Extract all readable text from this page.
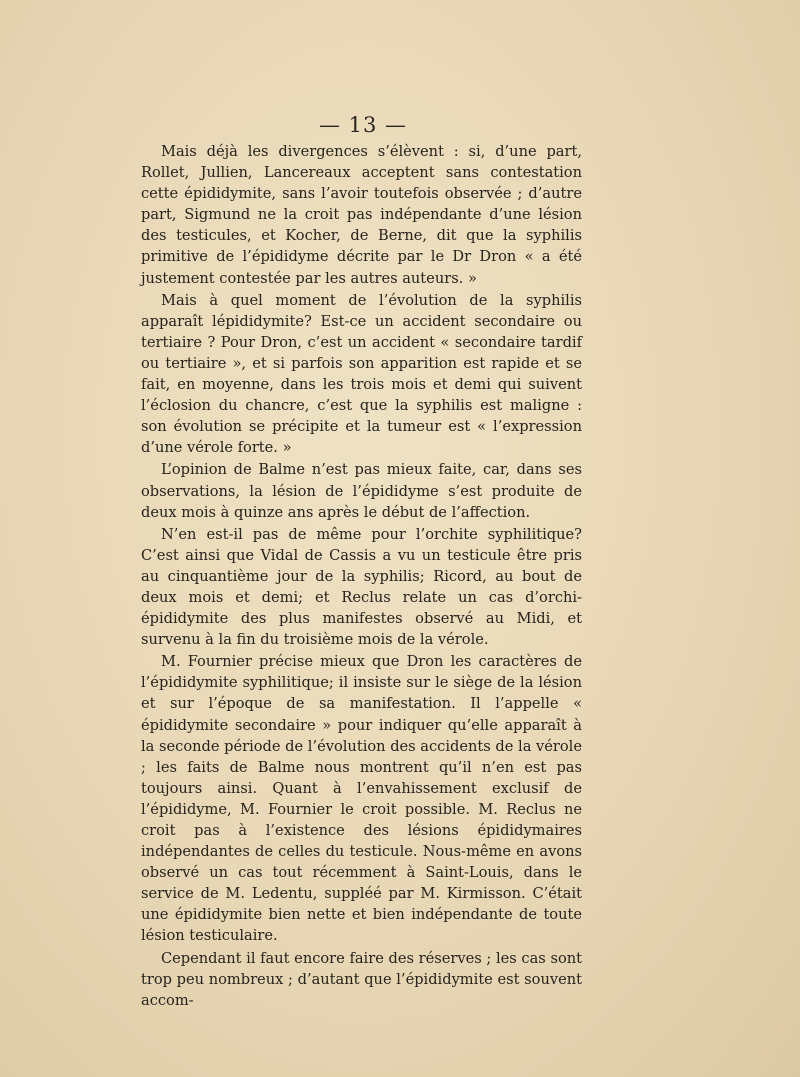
— 13 —

Mais déjà les divergences s’élèvent : si, d’une part, Rollet, Jullien, Lancereaux acceptent sans contestation cette épididymite, sans l’avoir toutefois observée ; d’autre part, Sigmund ne la croit pas indépendante d’une lésion des testicules, et Kocher, de Berne, dit que la syphilis primitive de l’épididyme décrite par le Dr Dron « a été justement contestée par les autres auteurs. »

Mais à quel moment de l’évolution de la syphilis apparaît lépididymite? Est-ce un accident secondaire ou tertiaire ? Pour Dron, c’est un accident « secondaire tardif ou tertiaire », et si parfois son apparition est rapide et se fait, en moyenne, dans les trois mois et demi qui suivent l’éclosion du chancre, c’est que la syphilis est maligne : son évolution se précipite et la tumeur est « l’expression d’une vérole forte. »

L’opinion de Balme n’est pas mieux faite, car, dans ses observations, la lésion de l’épididyme s’est produite de deux mois à quinze ans après le début de l’affection.

N’en est-il pas de même pour l’orchite syphilitique? C’est ainsi que Vidal de Cassis a vu un testicule être pris au cinquantième jour de la syphilis; Ricord, au bout de deux mois et demi; et Reclus relate un cas d’orchi-épididymite des plus manifestes observé au Midi, et survenu à la fin du troisième mois de la vérole.

M. Fournier précise mieux que Dron les caractères de l’épididymite syphilitique; il insiste sur le siège de la lésion et sur l’époque de sa manifestation. Il l’appelle « épididymite secondaire » pour indiquer qu’elle apparaît à la seconde période de l’évolution des accidents de la vérole ; les faits de Balme nous montrent qu’il n’en est pas toujours ainsi. Quant à l’envahissement exclusif de l’épididyme, M. Fournier le croit possible. M. Reclus ne croit pas à l’existence des lésions épididymaires indépendantes de celles du testicule. Nous-même en avons observé un cas tout récemment à Saint-Louis, dans le service de M. Ledentu, suppléé par M. Kirmisson. C’était une épididymite bien nette et bien indépendante de toute lésion testiculaire.

Cependant il faut encore faire des réserves ; les cas sont trop peu nombreux ; d’autant que l’épididymite est souvent accom-
